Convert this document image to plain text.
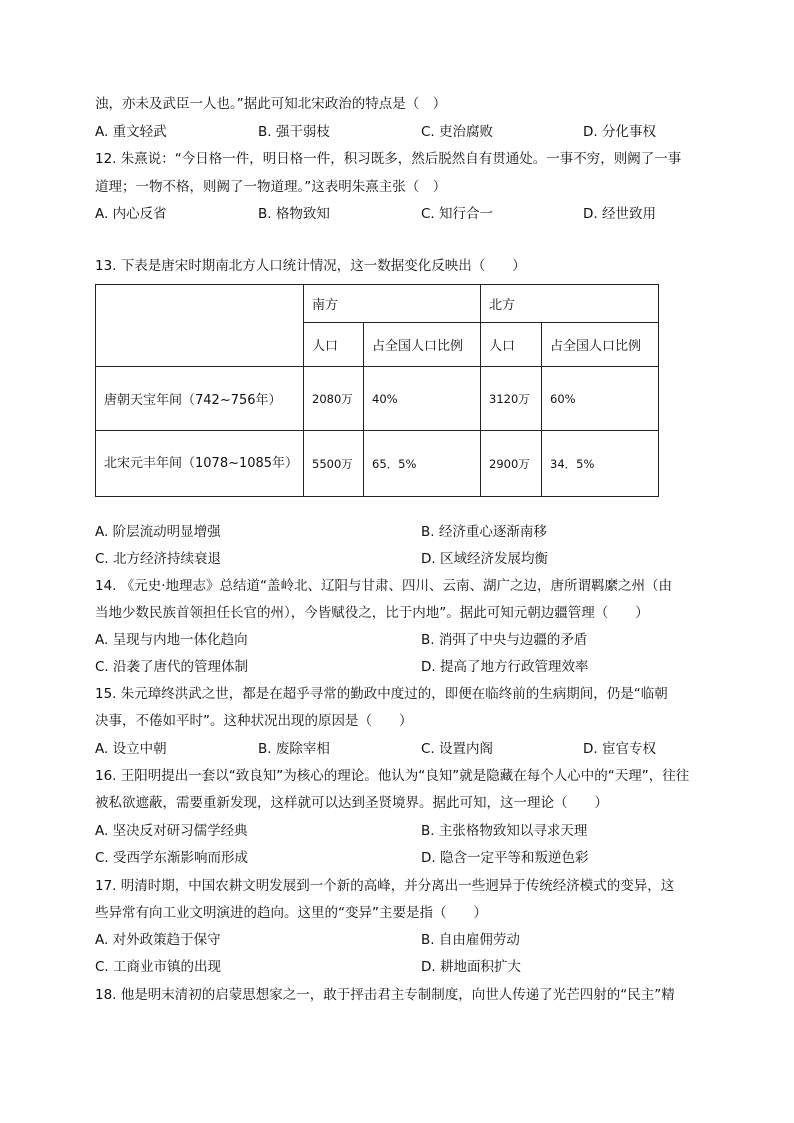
浊，亦未及武臣一人也。”据此可知北宋政治的特点是（　）
A. 重文轻武	B. 强干弱枝	C. 吏治腐败	D. 分化事权
12. 朱熹说：“今日格一件，明日格一件，积习既多，然后脱然自有贯通处。一事不穷，则阙了一事
道理；一物不格，则阙了一物道理。”这表明朱熹主张（　）
A. 内心反省	B. 格物致知	C. 知行合一	D. 经世致用
13. 下表是唐宋时期南北方人口统计情况，这一数据变化反映出（　　）
	南方		北方	
	人口	占全国人口比例	人口	占全国人口比例
唐朝天宝年间（742~756年）	2080万	40%	3120万	60%
北宋元丰年间（1078~1085年）	5500万	65．5%	2900万	34．5%
A. 阶层流动明显增强	B. 经济重心逐渐南移
C. 北方经济持续衰退	D. 区域经济发展均衡
14. 《元史·地理志》总结道“盖岭北、辽阳与甘肃、四川、云南、湖广之边，唐所谓羁縻之州（由
当地少数民族首领担任长官的州），今皆赋役之，比于内地”。据此可知元朝边疆管理（　　）
A. 呈现与内地一体化趋向	B. 消弭了中央与边疆的矛盾
C. 沿袭了唐代的管理体制	D. 提高了地方行政管理效率
15. 朱元璋终洪武之世，都是在超乎寻常的勤政中度过的，即便在临终前的生病期间，仍是“临朝
决事，不倦如平时”。这种状况出现的原因是（　　）
A. 设立中朝	B. 废除宰相	C. 设置内阁	D. 宦官专权
16. 王阳明提出一套以“致良知”为核心的理论。他认为“良知”就是隐藏在每个人心中的“天理”，往往
被私欲遮蔽，需要重新发现，这样就可以达到圣贤境界。据此可知，这一理论（　　）
A. 坚决反对研习儒学经典	B. 主张格物致知以寻求天理
C. 受西学东渐影响而形成	D. 隐含一定平等和叛逆色彩
17. 明清时期，中国农耕文明发展到一个新的高峰，并分离出一些迥异于传统经济模式的变异，这
些异常有向工业文明演进的趋向。这里的“变异”主要是指（　　）
A. 对外政策趋于保守	B. 自由雇佣劳动
C. 工商业市镇的出现	D. 耕地面积扩大
18. 他是明末清初的启蒙思想家之一，敢于抨击君主专制制度，向世人传递了光芒四射的“民主”精
